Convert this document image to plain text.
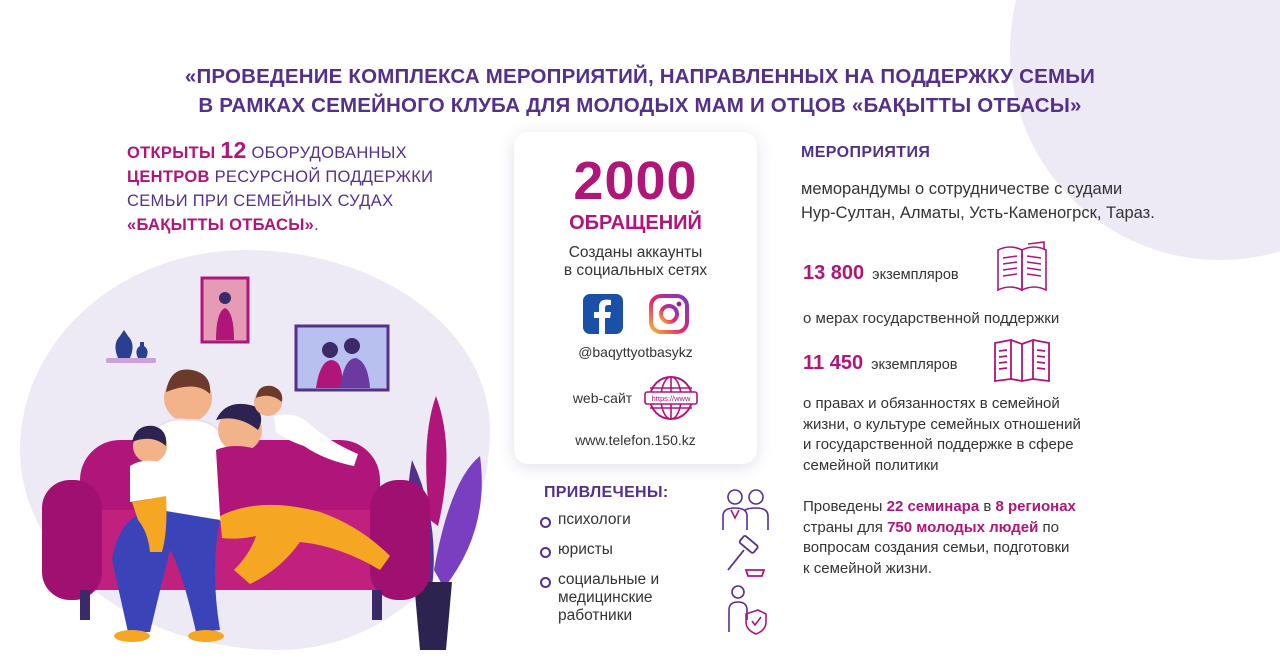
«ПРОВЕДЕНИЕ КОМПЛЕКСА МЕРОПРИЯТИЙ, НАПРАВЛЕННЫХ НА ПОДДЕРЖКУ СЕМЬИ
В РАМКАХ СЕМЕЙНОГО КЛУБА ДЛЯ МОЛОДЫХ МАМ И ОТЦОВ «БАҚЫТТЫ ОТБАСЫ»
ОТКРЫТЫ 12 ОБОРУДОВАННЫХ
ЦЕНТРОВ РЕСУРСНОЙ ПОДДЕРЖКИ
СЕМЬИ ПРИ СЕМЕЙНЫХ СУДАХ
«БАҚЫТТЫ ОТБАСЫ».
2000
ОБРАЩЕНИЙ
Созданы аккаунты
в социальных сетях
@baqyttyotbasykz
web-сайт	https://www
www.telefon.150.kz
ПРИВЛЕЧЕНЫ:
психологи
юристы
социальные и
медицинские
работники
МЕРОПРИЯТИЯ
меморандумы о сотрудничестве с судами
Нур-Султан, Алматы, Усть-Каменогрск, Тараз.
13 800 экземпляров
о мерах государственной поддержки
11 450 экземпляров
о правах и обязанностях в семейной
жизни, о культуре семейных отношений
и государственной поддержке в сфере
семейной политики
Проведены 22 семинара в 8 регионах
страны для 750 молодых людей по
вопросам создания семьи, подготовки
к семейной жизни.
